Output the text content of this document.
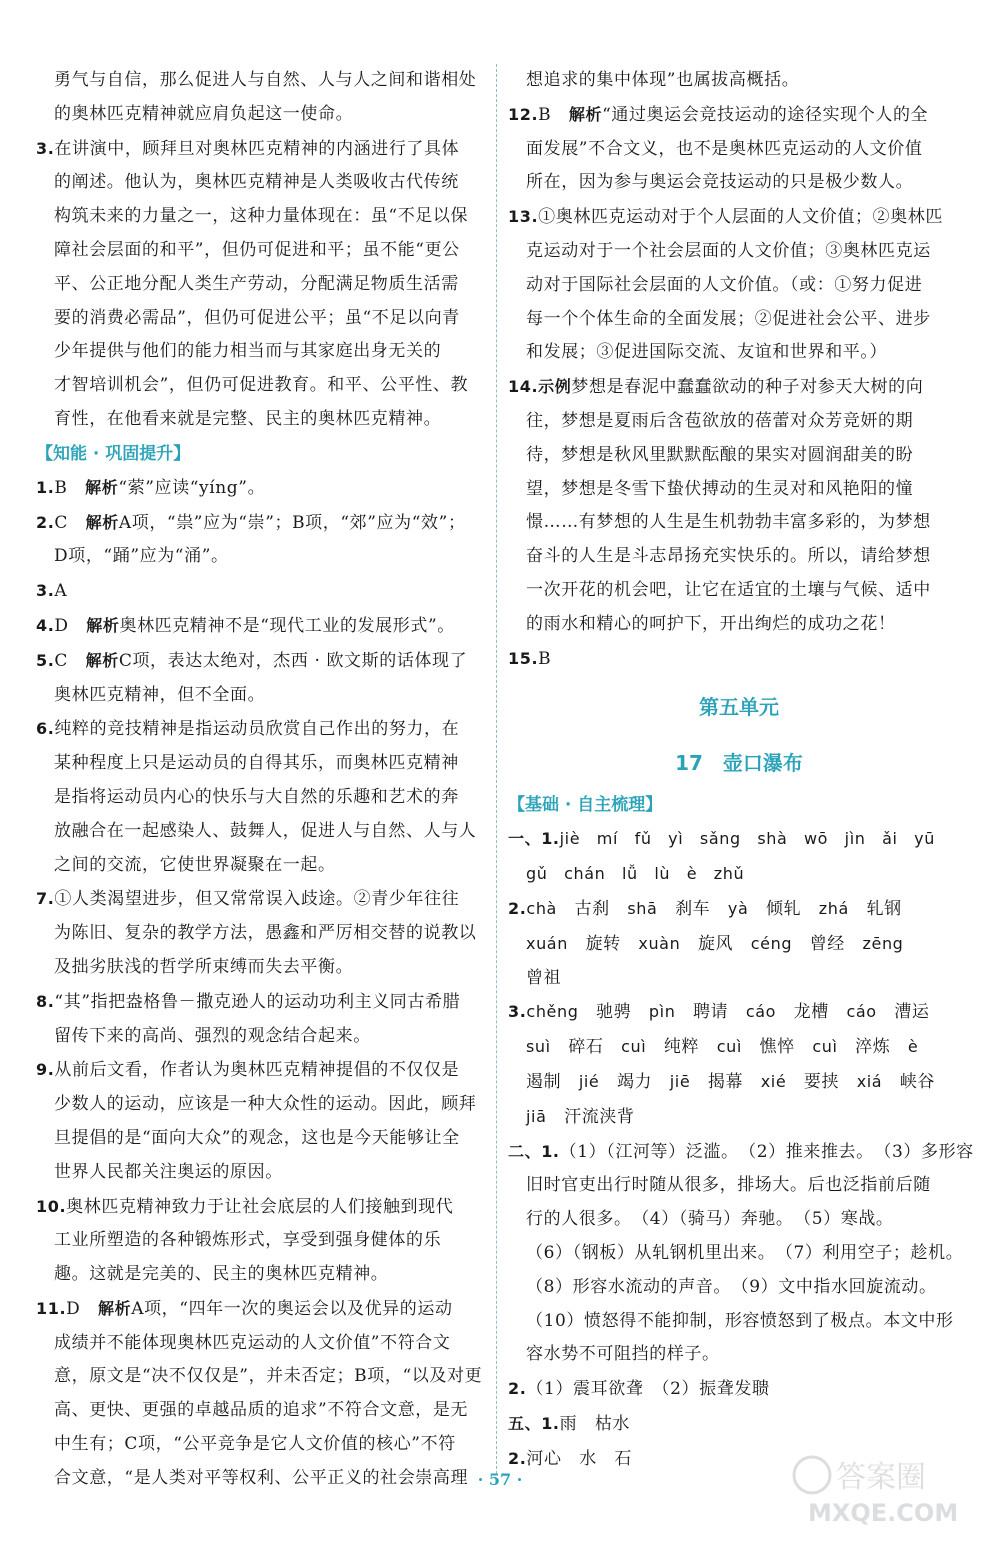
勇气与自信，那么促进人与自然、人与人之间和谐相处
的奥林匹克精神就应肩负起这一使命。
3.在讲演中，顾拜旦对奥林匹克精神的内涵进行了具体
的阐述。他认为，奥林匹克精神是人类吸收古代传统
构筑未来的力量之一，这种力量体现在：虽“不足以保
障社会层面的和平”，但仍可促进和平；虽不能“更公
平、公正地分配人类生产劳动，分配满足物质生活需
要的消费必需品”，但仍可促进公平；虽“不足以向青
少年提供与他们的能力相当而与其家庭出身无关的
才智培训机会”，但仍可促进教育。和平、公平性、教
育性，在他看来就是完整、民主的奥林匹克精神。
【知能 · 巩固提升】
1.B　解析“萦”应读“yíng”。
2.C　解析A项，“祟”应为“崇”；B项，“郊”应为“效”；
D项，“踊”应为“涌”。
3.A
4.D　解析奥林匹克精神不是“现代工业的发展形式”。
5.C　解析C项，表达太绝对，杰西 · 欧文斯的话体现了
奥林匹克精神，但不全面。
6.纯粹的竞技精神是指运动员欣赏自己作出的努力，在
某种程度上只是运动员的自得其乐，而奥林匹克精神
是指将运动员内心的快乐与大自然的乐趣和艺术的奔
放融合在一起感染人、鼓舞人，促进人与自然、人与人
之间的交流，它使世界凝聚在一起。
7.①人类渴望进步，但又常常误入歧途。②青少年往往
为陈旧、复杂的教学方法，愚鑫和严厉相交替的说教以
及拙劣肤浅的哲学所束缚而失去平衡。
8.“其”指把盎格鲁－撒克逊人的运动功利主义同古希腊
留传下来的高尚、强烈的观念结合起来。
9.从前后文看，作者认为奥林匹克精神提倡的不仅仅是
少数人的运动，应该是一种大众性的运动。因此，顾拜
旦提倡的是“面向大众”的观念，这也是今天能够让全
世界人民都关注奥运的原因。
10.奥林匹克精神致力于让社会底层的人们接触到现代
工业所塑造的各种锻炼形式，享受到强身健体的乐
趣。这就是完美的、民主的奥林匹克精神。
11.D　解析A项，“四年一次的奥运会以及优异的运动
成绩并不能体现奥林匹克运动的人文价值”不符合文
意，原文是“决不仅仅是”，并未否定；B项，“以及对更
高、更快、更强的卓越品质的追求”不符合文意，是无
中生有；C项，“公平竞争是它人文价值的核心”不符
合文意，“是人类对平等权利、公平正义的社会崇高理
想追求的集中体现”也属拔高概括。
12.B　解析“通过奥运会竞技运动的途径实现个人的全
面发展”不合文义，也不是奥林匹克运动的人文价值
所在，因为参与奥运会竞技运动的只是极少数人。
13.①奥林匹克运动对于个人层面的人文价值；②奥林匹
克运动对于一个社会层面的人文价值；③奥林匹克运
动对于国际社会层面的人文价值。（或：①努力促进
每一个个体生命的全面发展；②促进社会公平、进步
和发展；③促进国际交流、友谊和世界和平。）
14.示例梦想是春泥中蠢蠢欲动的种子对参天大树的向
往，梦想是夏雨后含苞欲放的蓓蕾对众芳竞妍的期
待，梦想是秋风里默默酝酿的果实对圆润甜美的盼
望，梦想是冬雪下蛰伏搏动的生灵对和风艳阳的憧
憬……有梦想的人生是生机勃勃丰富多彩的，为梦想
奋斗的人生是斗志昂扬充实快乐的。所以，请给梦想
一次开花的机会吧，让它在适宜的土壤与气候、适中
的雨水和精心的呵护下，开出绚烂的成功之花！
15.B
第五单元
17　壶口瀑布
【基础 · 自主梳理】
一、1.jiè　mí　fǔ　yì　sǎng　shà　wō　jìn　ǎi　yū
gǔ　chán　lǚ　lù　è　zhǔ
2.chà　古刹　shā　刹车　yà　倾轧　zhá　轧钢
xuán　旋转　xuàn　旋风　céng　曾经　zēng
曾祖
3.chěng　驰骋　pìn　聘请　cáo　龙槽　cáo　漕运
suì　碎石　cuì　纯粹　cuì　憔悴　cuì　淬炼　è
遏制　jié　竭力　jiē　揭幕　xié　要挟　xiá　峡谷
jiā　汗流浃背
二、1.（1）（江河等）泛滥。　（2）推来推去。　（3）多形容
旧时官吏出行时随从很多，排场大。后也泛指前后随
行的人很多。　（4）（骑马）奔驰。　（5）寒战。
（6）（钢板）从轧钢机里出来。　（7）利用空子；趁机。
（8）形容水流动的声音。　（9）文中指水回旋流动。
（10）愤怒得不能抑制，形容愤怒到了极点。本文中形
容水势不可阻挡的样子。
2.（1）震耳欲聋　（2）振聋发聩
五、1.雨　枯水
2.河心　水　石
· 57 ·	答案圈
MXQE.COM
